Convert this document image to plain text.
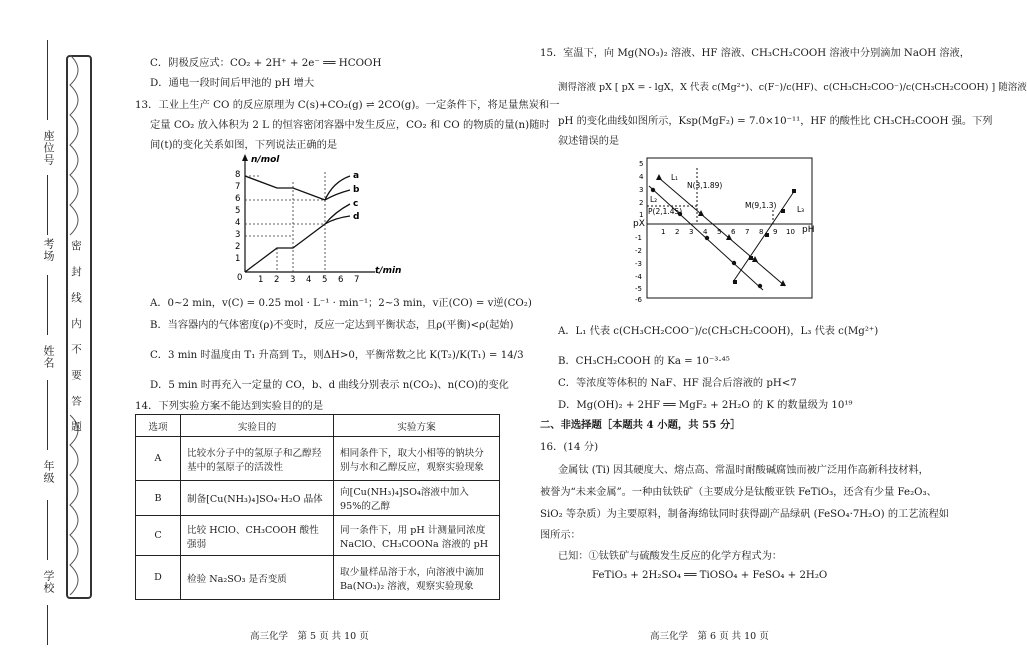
座位号
考场
姓名
年级
学校
密 封 线 内 不 要 答 题
C．阴极反应式：CO₂ + 2H⁺ + 2e⁻ ══ HCOOH
D．通电一段时间后甲池的 pH 增大
13．工业上生产 CO 的反应原理为 C(s)+CO₂(g) ⇌ 2CO(g)。一定条件下，将足量焦炭和一
定量 CO₂ 放入体积为 2 L 的恒容密闭容器中发生反应，CO₂ 和 CO 的物质的量(n)随时
间(t)的变化关系如图，下列说法正确的是
n/mol
t/min
8
7
6
5
4
3
2
1
0 1 2 3 4 5 6 7
a
b
c
d
A．0~2 min，v(C) = 0.25 mol · L⁻¹ · min⁻¹；2~3 min，v正(CO) = v逆(CO₂)
B．当容器内的气体密度(ρ)不变时，反应一定达到平衡状态，且ρ(平衡)<ρ(起始)
C．3 min 时温度由 T₁ 升高到 T₂，则ΔH>0，平衡常数之比 K(T₂)/K(T₁) = 14/3
D．5 min 时再充入一定量的 CO，b、d 曲线分别表示 n(CO₂)、n(CO)的变化
14．下列实验方案不能达到实验目的的是
选项	实验目的	实验方案
A	比较水分子中的氢原子和乙醇羟基中的氢原子的活泼性	相同条件下，取大小相等的钠块分别与水和乙醇反应，观察实验现象
B	制备[Cu(NH₃)₄]SO₄·H₂O 晶体	向[Cu(NH₃)₄]SO₄溶液中加入 95%的乙醇
C	比较 HClO、CH₃COOH 酸性强弱	同一条件下，用 pH 计测量同浓度 NaClO、CH₃COONa 溶液的 pH
D	检验 Na₂SO₃ 是否变质	取少量样品溶于水，向溶液中滴加 Ba(NO₃)₂ 溶液，观察实验现象
高三化学　第 5 页 共 10 页
15．室温下，向 Mg(NO₃)₂ 溶液、HF 溶液、CH₃CH₂COOH 溶液中分别滴加 NaOH 溶液，
测得溶液 pX [ pX = - lgX，X 代表 c(Mg²⁺)、c(F⁻)/c(HF)、c(CH₃CH₂COO⁻)/c(CH₃CH₂COOH) ] 随溶液
pH 的变化曲线如图所示，Ksp(MgF₂) = 7.0×10⁻¹¹，HF 的酸性比 CH₃CH₂COOH 强。下列
叙述错误的是
pX
pH
1 2 3 4 5 6 7 8 9 10
5
4
3
2
1
-1
-2
-3
-4
-5
-6
L₁
L₂
L₃
N(3,1.89)
P(2,1.45)
M(9,1.3)
A．L₁ 代表 c(CH₃CH₂COO⁻)/c(CH₃CH₂COOH)，L₃ 代表 c(Mg²⁺)
B．CH₃CH₂COOH 的 Ka = 10⁻³·⁴⁵
C．等浓度等体积的 NaF、HF 混合后溶液的 pH<7
D．Mg(OH)₂ + 2HF ══ MgF₂ + 2H₂O 的 K 的数量级为 10¹⁹
二、非选择题［本题共 4 小题，共 55 分］
16．(14 分)
金属钛 (Ti) 因其硬度大、熔点高、常温时耐酸碱腐蚀而被广泛用作高新科技材料，
被誉为“未来金属”。一种由钛铁矿（主要成分是钛酸亚铁 FeTiO₃，还含有少量 Fe₂O₃、
SiO₂ 等杂质）为主要原料，制备海绵钛同时获得副产品绿矾 (FeSO₄·7H₂O) 的工艺流程如
图所示：
已知：①钛铁矿与硫酸发生反应的化学方程式为：
FeTiO₃ + 2H₂SO₄ ══ TiOSO₄ + FeSO₄ + 2H₂O
高三化学　第 6 页 共 10 页
